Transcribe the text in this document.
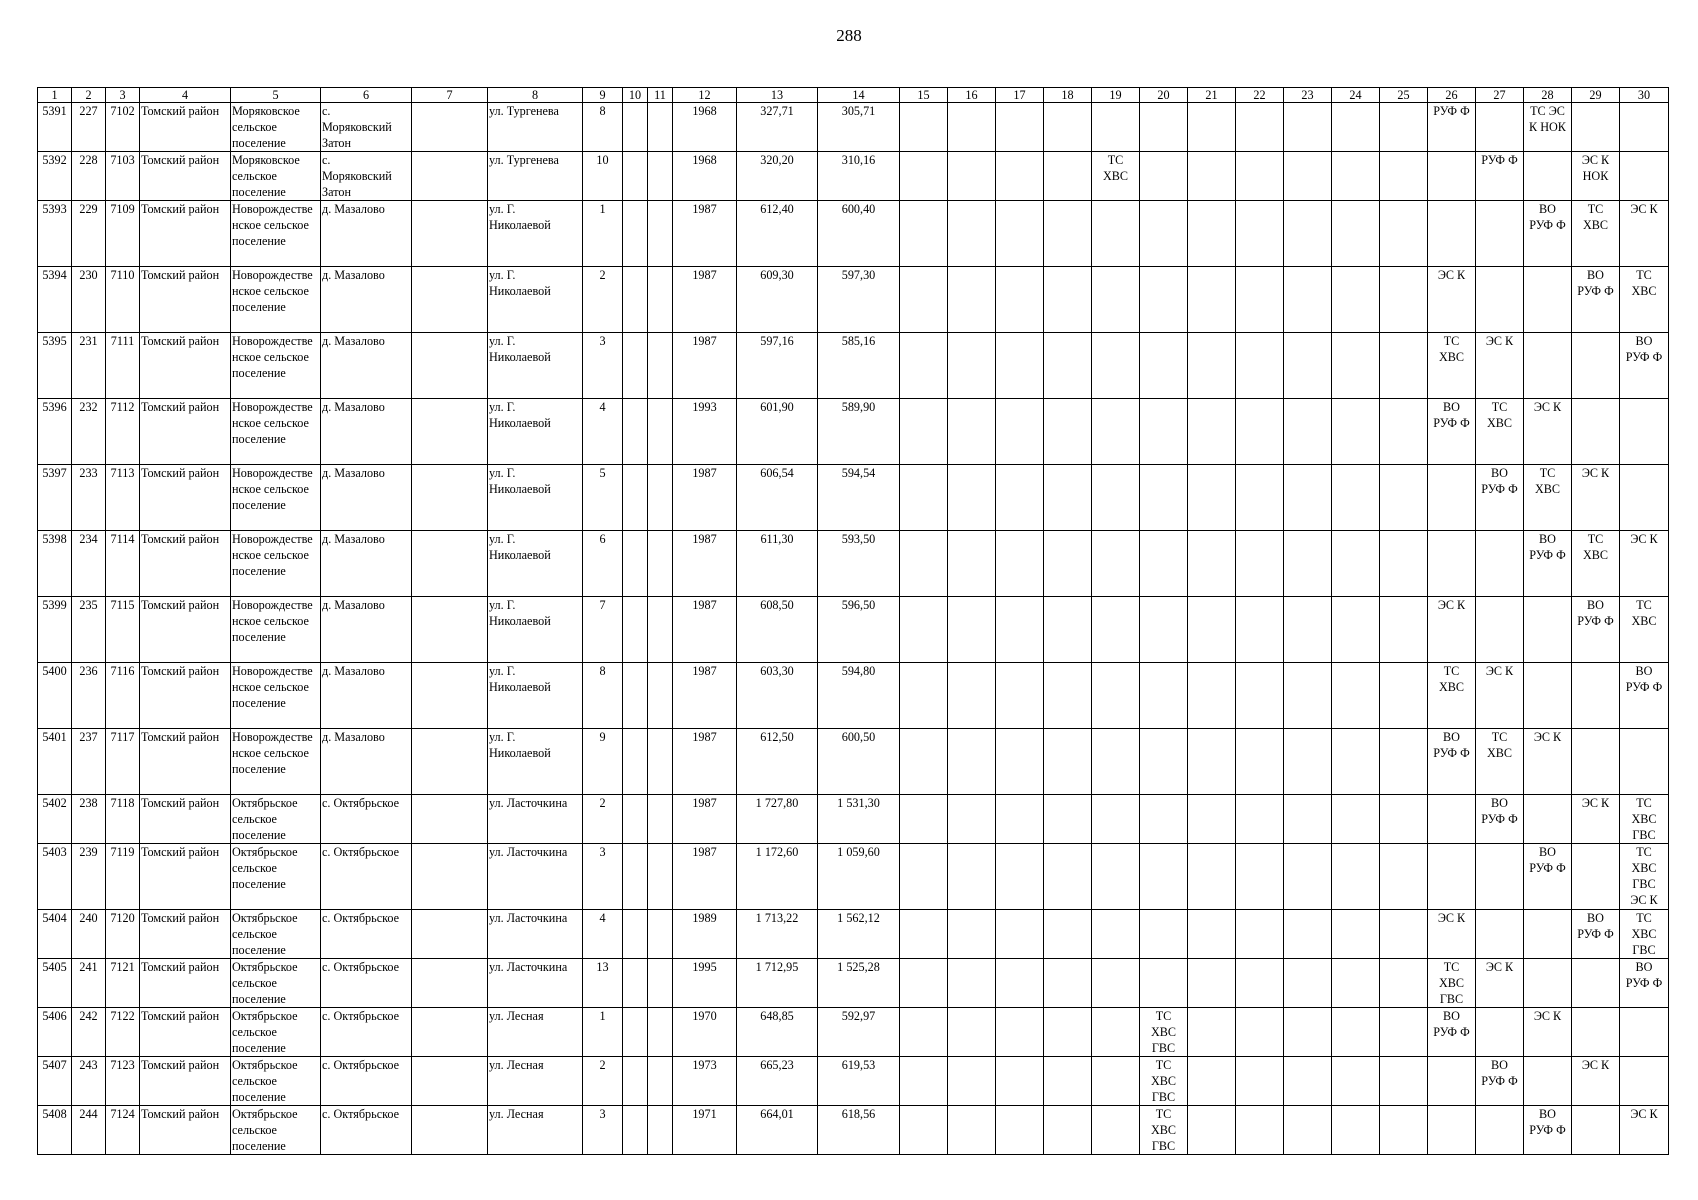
288
1	2	3	4	5	6	7	8	9	10	11	12	13	14	15	16	17	18	19	20	21	22	23	24	25	26	27	28	29	30
5391	227	7102	Томский район	Моряковское
сельское
поселение	с.
Моряковский
Затон		ул. Тургенева	8			1968	327,71	305,71												РУФ Ф		ТС ЭС
К НОК		
5392	228	7103	Томский район	Моряковское
сельское
поселение	с.
Моряковский
Затон		ул. Тургенева	10			1968	320,20	310,16					ТС
ХВС								РУФ Ф		ЭС К
НОК	
5393	229	7109	Томский район	Новорождестве
нское сельское
поселение	д. Мазалово		ул. Г.
Николаевой	1			1987	612,40	600,40														ВО
РУФ Ф	ТС
ХВС	ЭС К
5394	230	7110	Томский район	Новорождестве
нское сельское
поселение	д. Мазалово		ул. Г.
Николаевой	2			1987	609,30	597,30												ЭС К			ВО
РУФ Ф	ТС
ХВС
5395	231	7111	Томский район	Новорождестве
нское сельское
поселение	д. Мазалово		ул. Г.
Николаевой	3			1987	597,16	585,16												ТС
ХВС	ЭС К			ВО
РУФ Ф
5396	232	7112	Томский район	Новорождестве
нское сельское
поселение	д. Мазалово		ул. Г.
Николаевой	4			1993	601,90	589,90												ВО
РУФ Ф	ТС
ХВС	ЭС К		
5397	233	7113	Томский район	Новорождестве
нское сельское
поселение	д. Мазалово		ул. Г.
Николаевой	5			1987	606,54	594,54													ВО
РУФ Ф	ТС
ХВС	ЭС К	
5398	234	7114	Томский район	Новорождестве
нское сельское
поселение	д. Мазалово		ул. Г.
Николаевой	6			1987	611,30	593,50														ВО
РУФ Ф	ТС
ХВС	ЭС К
5399	235	7115	Томский район	Новорождестве
нское сельское
поселение	д. Мазалово		ул. Г.
Николаевой	7			1987	608,50	596,50												ЭС К			ВО
РУФ Ф	ТС
ХВС
5400	236	7116	Томский район	Новорождестве
нское сельское
поселение	д. Мазалово		ул. Г.
Николаевой	8			1987	603,30	594,80												ТС
ХВС	ЭС К			ВО
РУФ Ф
5401	237	7117	Томский район	Новорождестве
нское сельское
поселение	д. Мазалово		ул. Г.
Николаевой	9			1987	612,50	600,50												ВО
РУФ Ф	ТС
ХВС	ЭС К		
5402	238	7118	Томский район	Октябрьское
сельское
поселение	с. Октябрьское		ул. Ласточкина	2			1987	1 727,80	1 531,30													ВО
РУФ Ф		ЭС К	ТС
ХВС
ГВС
5403	239	7119	Томский район	Октябрьское
сельское
поселение	с. Октябрьское		ул. Ласточкина	3			1987	1 172,60	1 059,60														ВО
РУФ Ф		ТС
ХВС
ГВС
ЭС К
5404	240	7120	Томский район	Октябрьское
сельское
поселение	с. Октябрьское		ул. Ласточкина	4			1989	1 713,22	1 562,12												ЭС К			ВО
РУФ Ф	ТС
ХВС
ГВС
5405	241	7121	Томский район	Октябрьское
сельское
поселение	с. Октябрьское		ул. Ласточкина	13			1995	1 712,95	1 525,28												ТС
ХВС
ГВС	ЭС К			ВО
РУФ Ф
5406	242	7122	Томский район	Октябрьское
сельское
поселение	с. Октябрьское		ул. Лесная	1			1970	648,85	592,97						ТС
ХВС
ГВС						ВО
РУФ Ф		ЭС К		
5407	243	7123	Томский район	Октябрьское
сельское
поселение	с. Октябрьское		ул. Лесная	2			1973	665,23	619,53						ТС
ХВС
ГВС							ВО
РУФ Ф		ЭС К	
5408	244	7124	Томский район	Октябрьское
сельское
поселение	с. Октябрьское		ул. Лесная	3			1971	664,01	618,56						ТС
ХВС
ГВС								ВО
РУФ Ф		ЭС К
